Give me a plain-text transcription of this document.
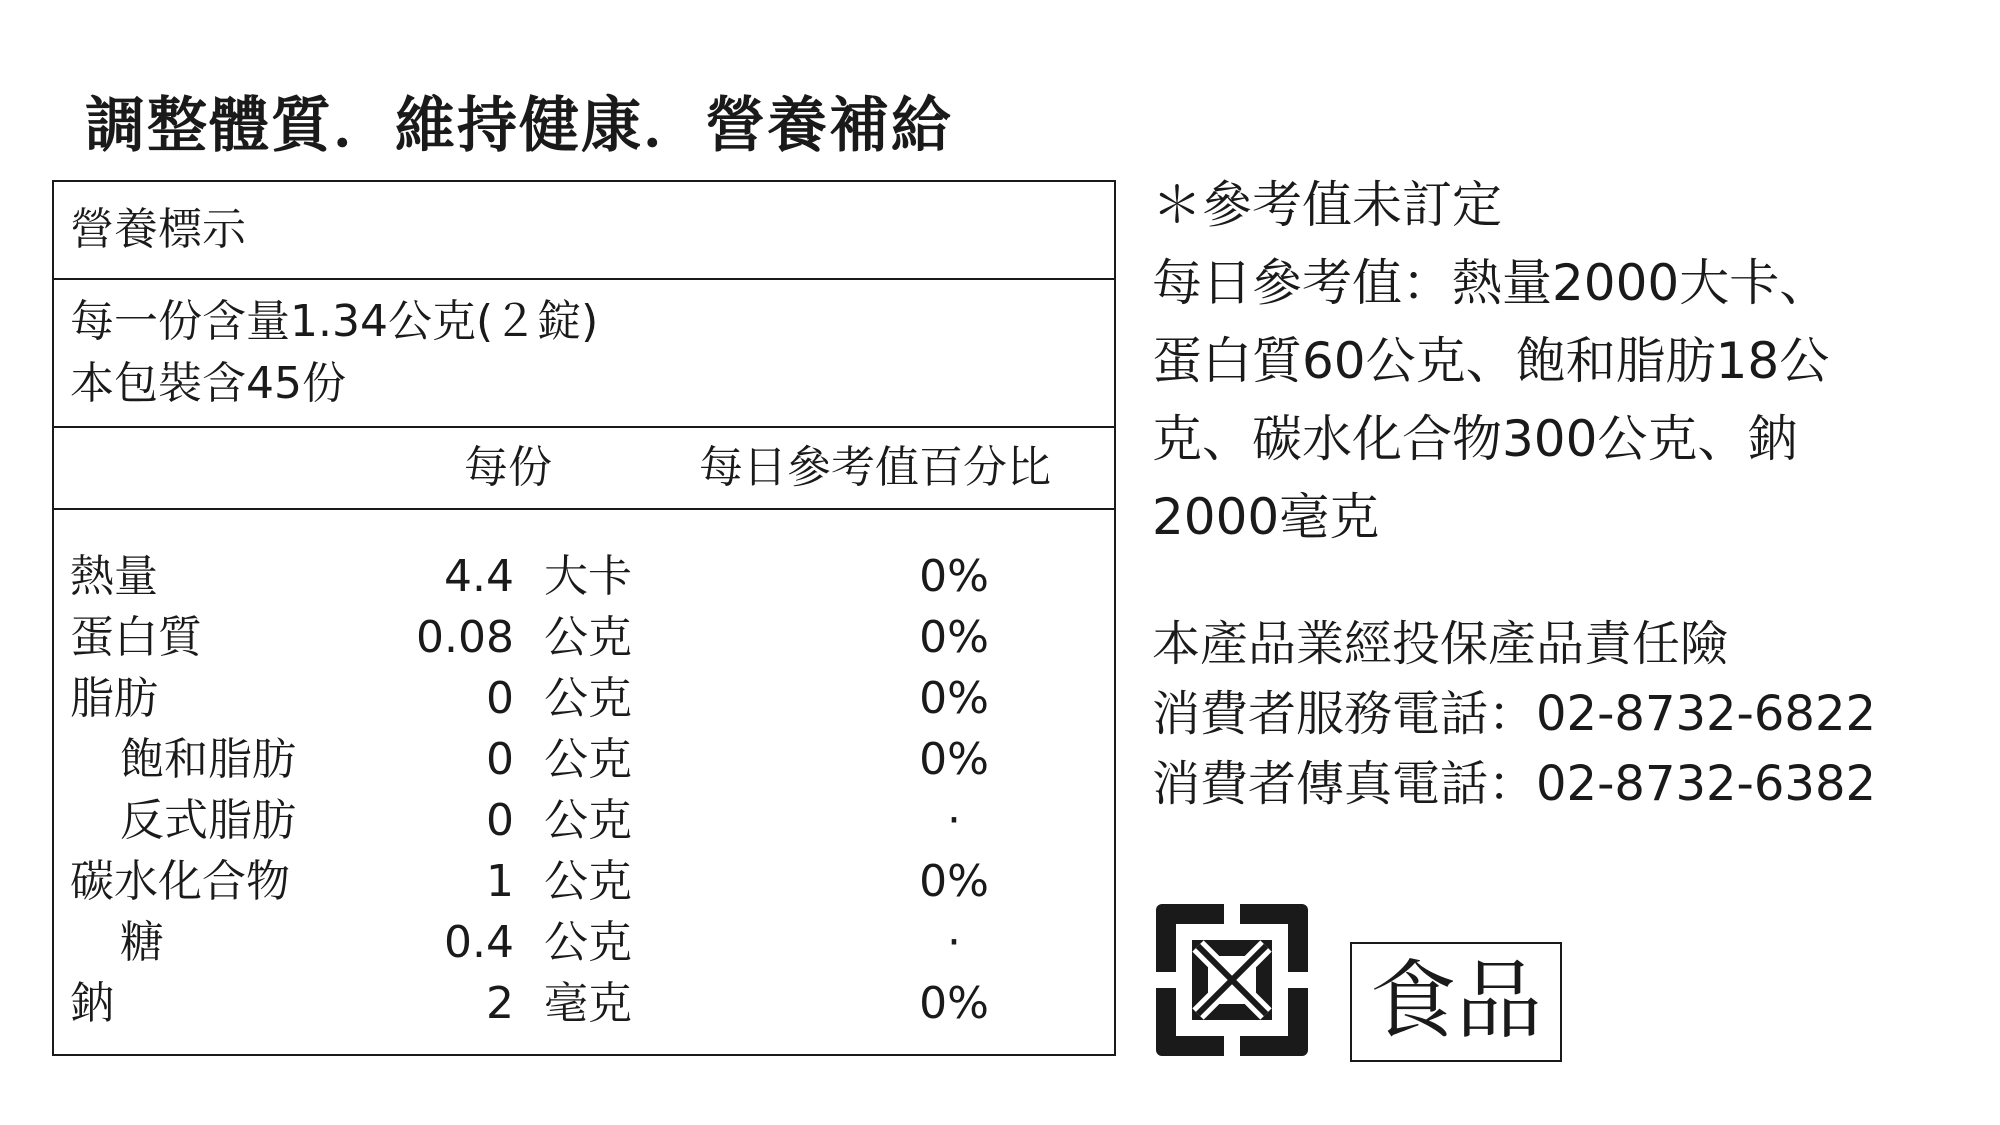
調整體質．維持健康．營養補給
營養標示
每一份含量1.34公克(２錠)
本包裝含45份
每份	每日參考值百分比
熱量	4.4 大卡	0%
蛋白質	0.08 公克	0%
脂肪	0 公克	0%
飽和脂肪	0 公克	0%
反式脂肪	0 公克	·
碳水化合物	1 公克	0%
糖	0.4 公克	·
鈉	2 毫克	0%
＊參考值未訂定
每日參考值：熱量2000大卡、
蛋白質60公克、飽和脂肪18公
克、碳水化合物300公克、鈉
2000毫克
本產品業經投保產品責任險
消費者服務電話：02-8732-6822
消費者傳真電話：02-8732-6382
食品
